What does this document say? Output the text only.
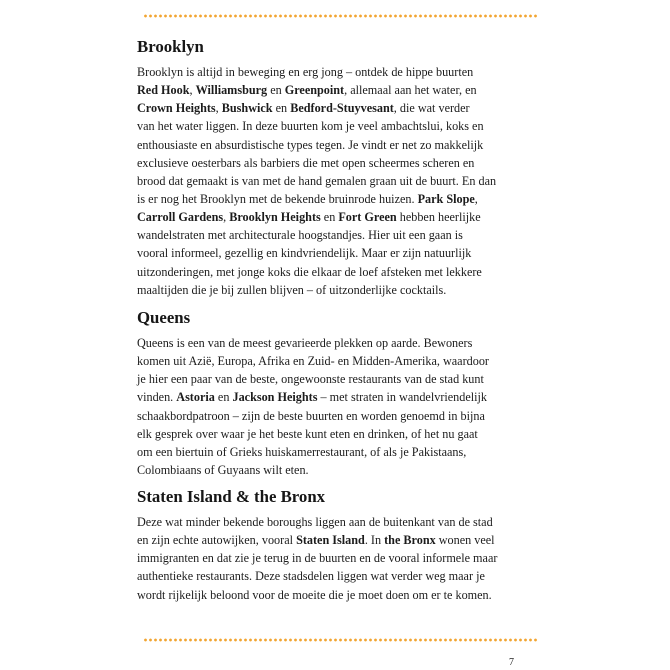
Brooklyn
Brooklyn is altijd in beweging en erg jong – ontdek de hippe buurten
Red Hook, Williamsburg en Greenpoint, allemaal aan het water, en
Crown Heights, Bushwick en Bedford-Stuyvesant, die wat verder
van het water liggen. In deze buurten kom je veel ambachtslui, koks en
enthousiaste en absurdistische types tegen. Je vindt er net zo makkelijk
exclusieve oesterbars als barbiers die met open scheermes scheren en
brood dat gemaakt is van met de hand gemalen graan uit de buurt. En dan
is er nog het Brooklyn met de bekende bruinrode huizen. Park Slope,
Carroll Gardens, Brooklyn Heights en Fort Green hebben heerlijke
wandelstraten met architecturale hoogstandjes. Hier uit een gaan is
vooral informeel, gezellig en kindvriendelijk. Maar er zijn natuurlijk
uitzonderingen, met jonge koks die elkaar de loef afsteken met lekkere
maaltijden die je bij zullen blijven – of uitzonderlijke cocktails.
Queens
Queens is een van de meest gevarieerde plekken op aarde. Bewoners
komen uit Azië, Europa, Afrika en Zuid- en Midden-Amerika, waardoor
je hier een paar van de beste, ongewoonste restaurants van de stad kunt
vinden. Astoria en Jackson Heights – met straten in wandelvriendelijk
schaakbordpatroon – zijn de beste buurten en worden genoemd in bijna
elk gesprek over waar je het beste kunt eten en drinken, of het nu gaat
om een biertuin of Grieks huiskamerrestaurant, of als je Pakistaans,
Colombiaans of Guyaans wilt eten.
Staten Island & the Bronx
Deze wat minder bekende boroughs liggen aan de buitenkant van de stad
en zijn echte autowijken, vooral Staten Island. In the Bronx wonen veel
immigranten en dat zie je terug in de buurten en de vooral informele maar
authentieke restaurants. Deze stadsdelen liggen wat verder weg maar je
wordt rijkelijk beloond voor de moeite die je moet doen om er te komen.
7
